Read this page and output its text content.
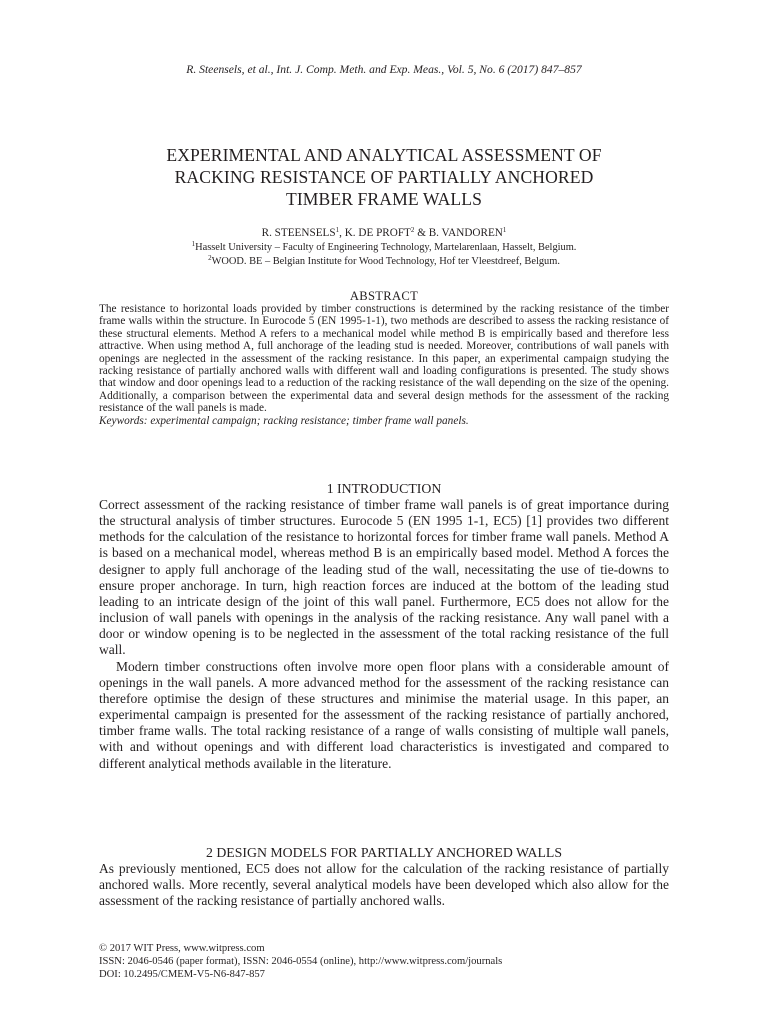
R. Steensels, et al., Int. J. Comp. Meth. and Exp. Meas., Vol. 5, No. 6 (2017) 847–857
EXPERIMENTAL AND ANALYTICAL ASSESSMENT OF
RACKING RESISTANCE OF PARTIALLY ANCHORED
TIMBER FRAME WALLS
R. STEENSELS$^1$, K. DE PROFT$^2$ & B. VANDOREN$^1$
$^1$Hasselt University – Faculty of Engineering Technology, Martelarenlaan, Hasselt, Belgium.
$^2$WOOD. BE – Belgian Institute for Wood Technology, Hof ter Vleestdreef, Belgum.
ABSTRACT

The resistance to horizontal loads provided by timber constructions is determined by the racking resistance of the timber frame walls within the structure. In Eurocode 5 (EN 1995-1-1), two methods are described to assess the racking resistance of these structural elements. Method A refers to a mechanical model while method B is empirically based and therefore less attractive. When using method A, full anchorage of the leading stud is needed. Moreover, contributions of wall panels with openings are neglected in the assessment of the racking resistance. In this paper, an experimental campaign studying the racking resistance of partially anchored walls with different wall and loading configurations is presented. The study shows that window and door openings lead to a reduction of the racking resistance of the wall depending on the size of the opening. Additionally, a comparison between the experimental data and several design methods for the assessment of the racking resistance of the wall panels is made.

Keywords: experimental campaign; racking resistance; timber frame wall panels.

1 INTRODUCTION

Correct assessment of the racking resistance of timber frame wall panels is of great importance during the structural analysis of timber structures. Eurocode 5 (EN 1995 1-1, EC5) [1] provides two different methods for the calculation of the resistance to horizontal forces for timber frame wall panels. Method A is based on a mechanical model, whereas method B is an empirically based model. Method A forces the designer to apply full anchorage of the leading stud of the wall, necessitating the use of tie-downs to ensure proper anchorage. In turn, high reaction forces are induced at the bottom of the leading stud leading to an intricate design of the joint of this wall panel. Furthermore, EC5 does not allow for the inclusion of wall panels with openings in the analysis of the racking resistance. Any wall panel with a door or window opening is to be neglected in the assessment of the total racking resistance of the full wall.

Modern timber constructions often involve more open floor plans with a considerable amount of openings in the wall panels. A more advanced method for the assessment of the racking resistance can therefore optimise the design of these structures and minimise the material usage. In this paper, an experimental campaign is presented for the assessment of the racking resistance of partially anchored, timber frame walls. The total racking resistance of a range of walls consisting of multiple wall panels, with and without openings and with different load characteristics is investigated and compared to different analytical methods available in the literature.

2 DESIGN MODELS FOR PARTIALLY ANCHORED WALLS

As previously mentioned, EC5 does not allow for the calculation of the racking resistance of partially anchored walls. More recently, several analytical models have been developed which also allow for the assessment of the racking resistance of partially anchored walls.

© 2017 WIT Press, www.witpress.com
ISSN: 2046-0546 (paper format), ISSN: 2046-0554 (online), http://www.witpress.com/journals
DOI: 10.2495/CMEM-V5-N6-847-857
